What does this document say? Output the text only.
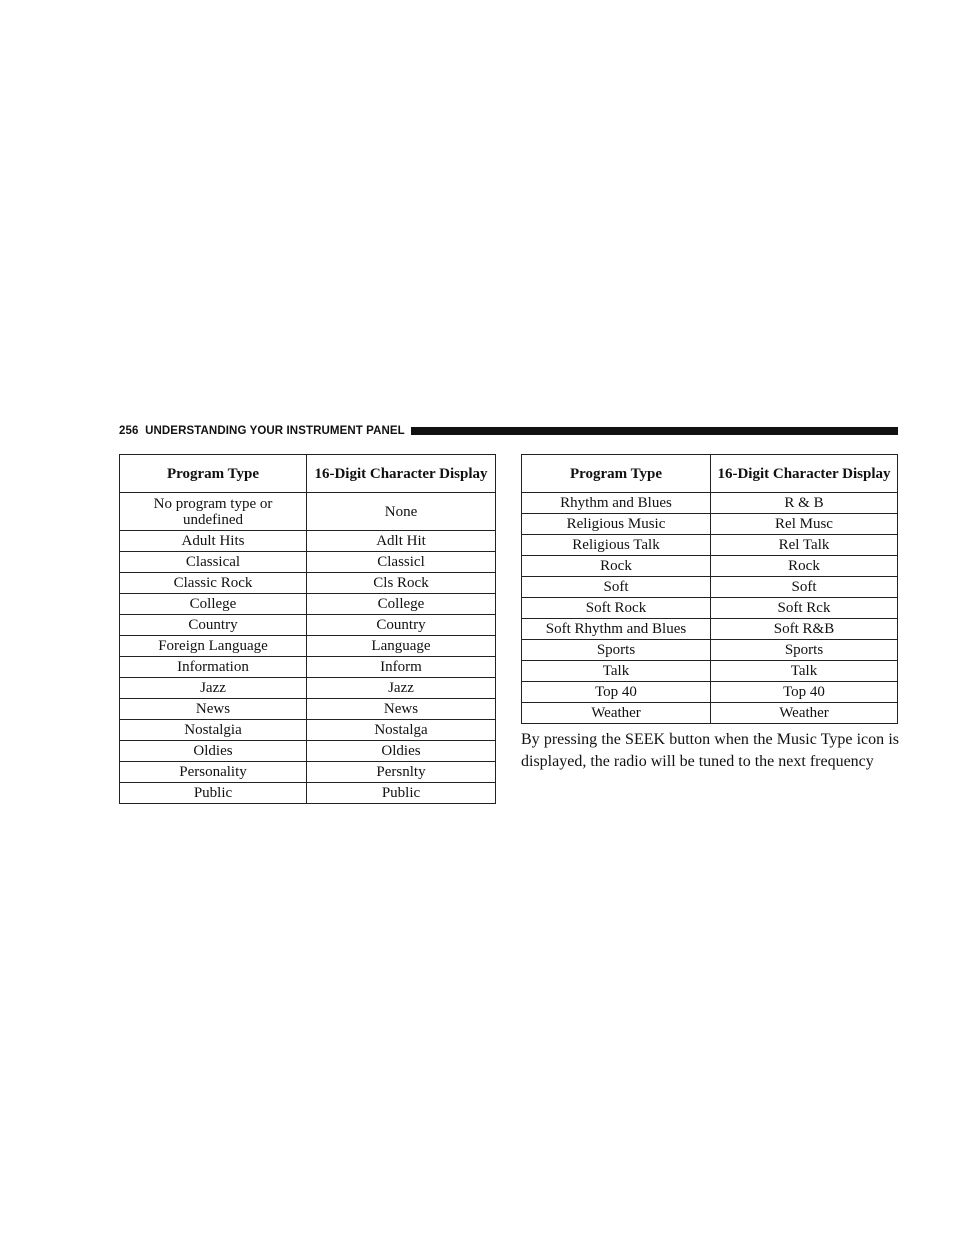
256 UNDERSTANDING YOUR INSTRUMENT PANEL
Program Type	16-Digit Character Display
No program type or undefined	None
Adult Hits	Adlt Hit
Classical	Classicl
Classic Rock	Cls Rock
College	College
Country	Country
Foreign Language	Language
Information	Inform
Jazz	Jazz
News	News
Nostalgia	Nostalga
Oldies	Oldies
Personality	Persnlty
Public	Public
Program Type	16-Digit Character Display
Rhythm and Blues	R & B
Religious Music	Rel Musc
Religious Talk	Rel Talk
Rock	Rock
Soft	Soft
Soft Rock	Soft Rck
Soft Rhythm and Blues	Soft R&B
Sports	Sports
Talk	Talk
Top 40	Top 40
Weather	Weather

By pressing the SEEK button when the Music Type icon is displayed, the radio will be tuned to the next frequency
